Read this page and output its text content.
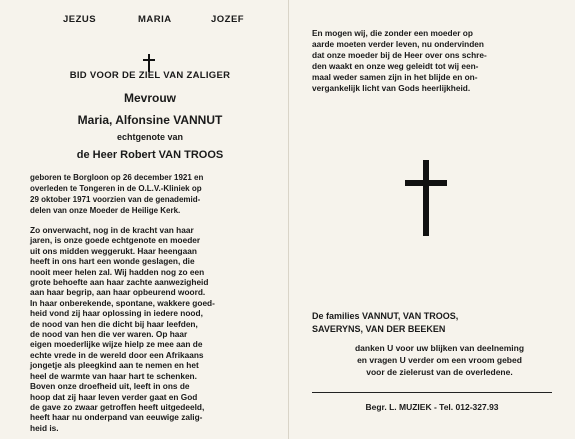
JEZUS	MARIA	JOZEF
BID VOOR DE ZIEL VAN ZALIGER
Mevrouw
Maria, Alfonsine VANNUT
echtgenote van
de Heer Robert VAN TROOS
geboren te Borgloon op 26 december 1921 en
overleden te Tongeren in de O.L.V.-Kliniek op
29 oktober 1971 voorzien van de genademid-
delen van onze Moeder de Heilige Kerk.
Zo onverwacht, nog in de kracht van haar
jaren, is onze goede echtgenote en moeder
uit ons midden weggerukt. Haar heengaan
heeft in ons hart een wonde geslagen, die
nooit meer helen zal. Wij hadden nog zo een
grote behoefte aan haar zachte aanwezigheid
aan haar begrip, aan haar opbeurend woord.
In haar onberekende, spontane, wakkere goed-
heid vond zij haar oplossing in iedere nood,
de nood van hen die dicht bij haar leefden,
de nood van hen die ver waren. Op haar
eigen moederlijke wijze hielp ze mee aan de
echte vrede in de wereld door een Afrikaans
jongetje als pleegkind aan te nemen en het
heel de warmte van haar hart te schenken.
Boven onze droefheid uit, leeft in ons de
hoop dat zij haar leven verder gaat en God
de gave zo zwaar getroffen heeft uitgedeeld,
heeft haar nu onderpand van eeuwige zalig-
heid is.
En mogen wij, die zonder een moeder op
aarde moeten verder leven, nu ondervinden
dat onze moeder bij de Heer over ons schre-
den waakt en onze weg geleidt tot wij een-
maal weder samen zijn in het blijde en on-
vergankelijk licht van Gods heerlijkheid.
De families VANNUT, VAN TROOS,
SAVERYNS, VAN DER BEEKEN
danken U voor uw blijken van deelneming
en vragen U verder om een vroom gebed
voor de zielerust van de overledene.
Begr. L. MUZIEK - Tel. 012-327.93
